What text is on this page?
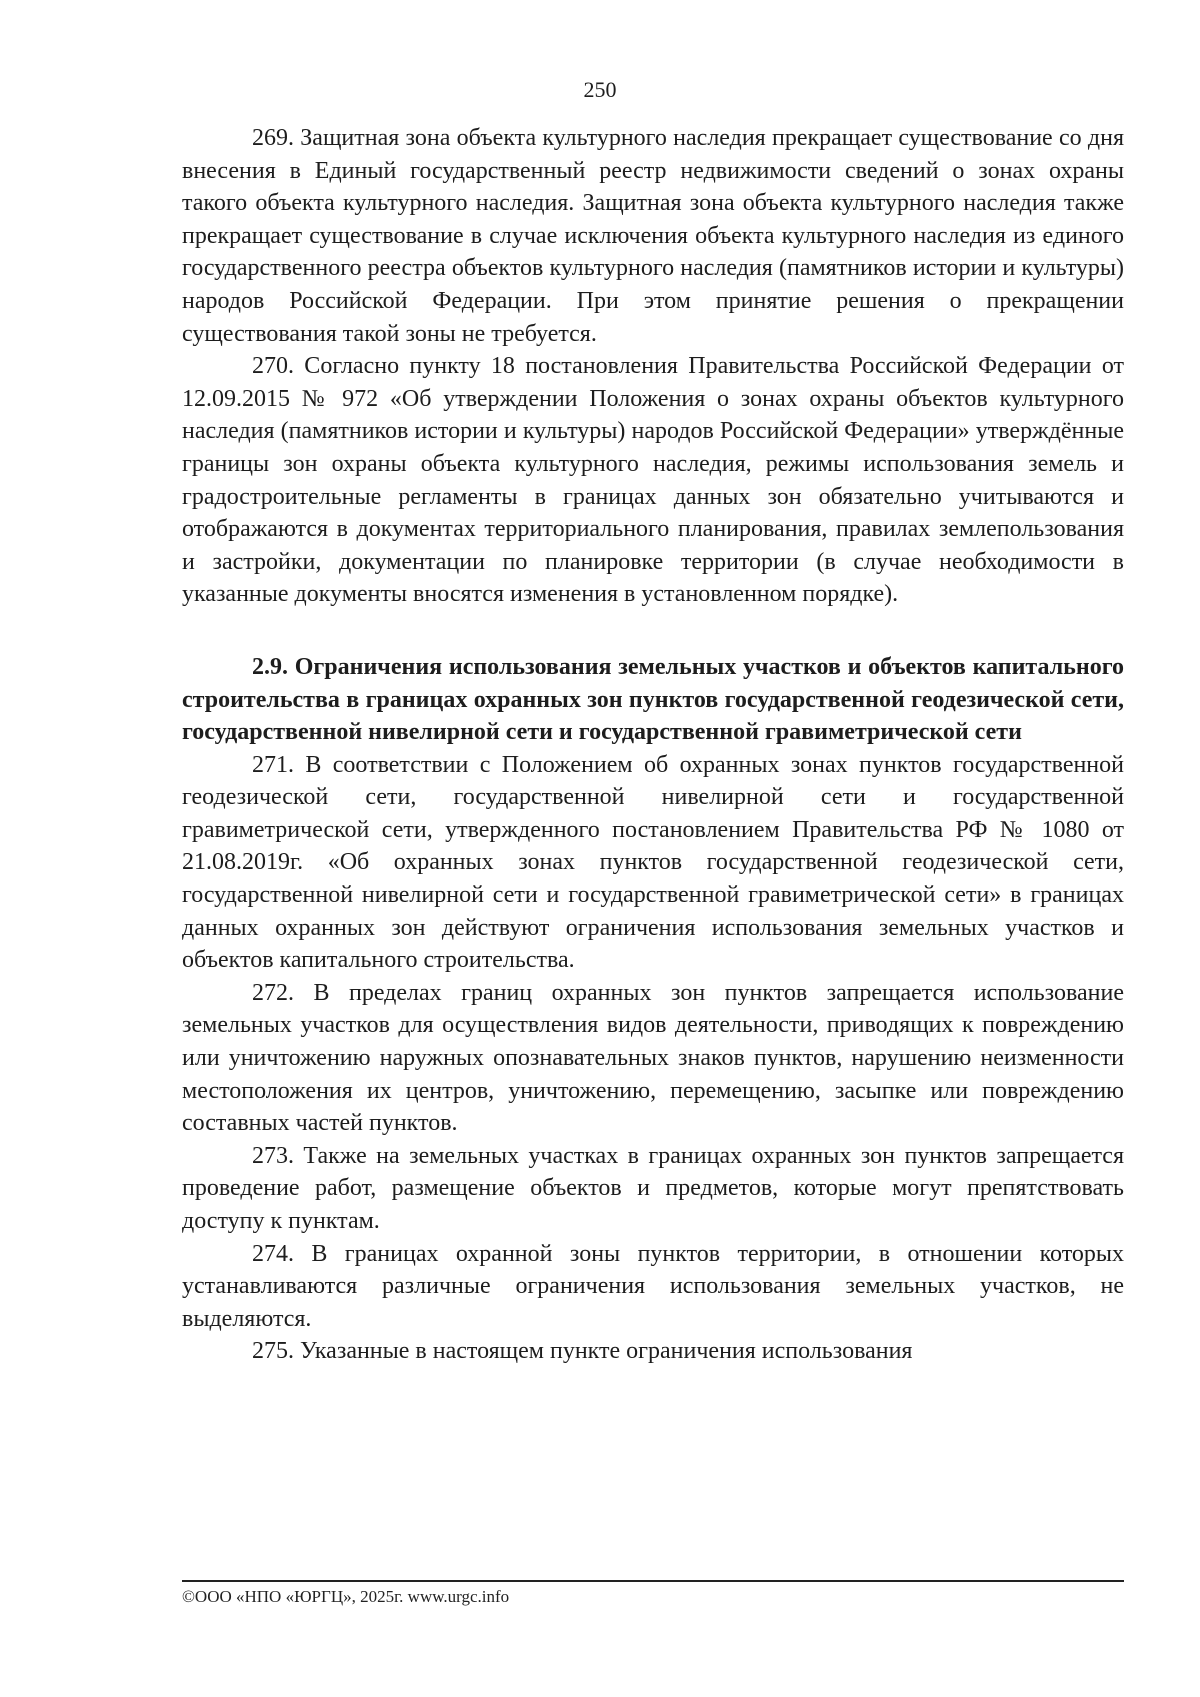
250

269. Защитная зона объекта культурного наследия прекращает существование со дня внесения в Единый государственный реестр недвижимости сведений о зонах охраны такого объекта культурного наследия. Защитная зона объекта культурного наследия также прекращает существование в случае исключения объекта культурного наследия из единого государственного реестра объектов культурного наследия (памятников истории и культуры) народов Российской Федерации. При этом принятие решения о прекращении существования такой зоны не требуется.

270. Согласно пункту 18 постановления Правительства Российской Федерации от 12.09.2015 № 972 «Об утверждении Положения о зонах охраны объектов культурного наследия (памятников истории и культуры) народов Российской Федерации» утверждённые границы зон охраны объекта культурного наследия, режимы использования земель и градостроительные регламенты в границах данных зон обязательно учитываются и отображаются в документах территориального планирования, правилах землепользования и застройки, документации по планировке территории (в случае необходимости в указанные документы вносятся изменения в установленном порядке).

2.9. Ограничения использования земельных участков и объектов капитального строительства в границах охранных зон пунктов государственной геодезической сети, государственной нивелирной сети и государственной гравиметрической сети

271. В соответствии с Положением об охранных зонах пунктов государственной геодезической сети, государственной нивелирной сети и государственной гравиметрической сети, утвержденного постановлением Правительства РФ № 1080 от 21.08.2019г. «Об охранных зонах пунктов государственной геодезической сети, государственной нивелирной сети и государственной гравиметрической сети» в границах данных охранных зон действуют ограничения использования земельных участков и объектов капитального строительства.

272. В пределах границ охранных зон пунктов запрещается использование земельных участков для осуществления видов деятельности, приводящих к повреждению или уничтожению наружных опознавательных знаков пунктов, нарушению неизменности местоположения их центров, уничтожению, перемещению, засыпке или повреждению составных частей пунктов.

273. Также на земельных участках в границах охранных зон пунктов запрещается проведение работ, размещение объектов и предметов, которые могут препятствовать доступу к пунктам.

274. В границах охранной зоны пунктов территории, в отношении которых устанавливаются различные ограничения использования земельных участков, не выделяются.

275. Указанные в настоящем пункте ограничения использования

©ООО «НПО «ЮРГЦ», 2025г. www.urgc.info
